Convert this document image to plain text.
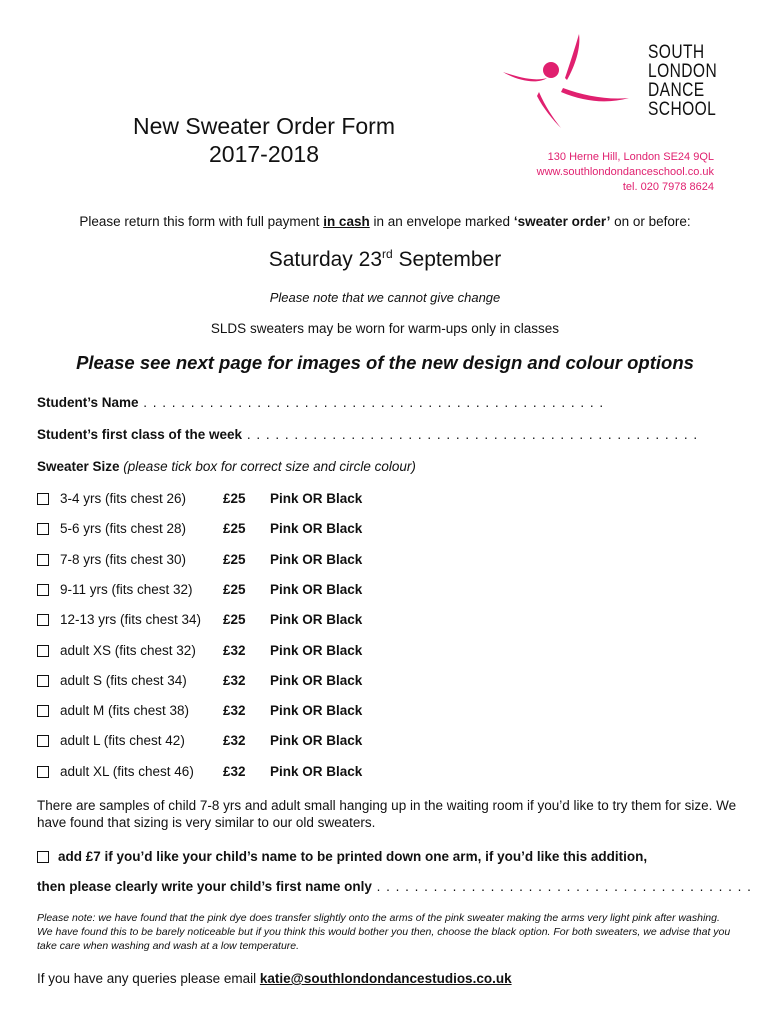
New Sweater Order Form
2017-2018
SOUTH
LONDON
DANCE
SCHOOL
130 Herne Hill, London SE24 9QL
www.southlondondanceschool.co.uk
tel. 020 7978 8624
Please return this form with full payment in cash in an envelope marked ‘sweater order’ on or before:
Saturday 23rd September
Please note that we cannot give change
SLDS sweaters may be worn for warm-ups only in classes
Please see next page for images of the new design and colour options
Student’s Name . . . . . . . . . . . . . . . . . . . . . . . . . . . . . . . . . . . . . . . . . . . . . . . . .
Student’s first class of the week . . . . . . . . . . . . . . . . . . . . . . . . . . . . . . . . . . . . . . . . . . . . . . . .
Sweater Size (please tick box for correct size and circle colour)
3-4 yrs (fits chest 26)	£25 Pink OR Black
5-6 yrs (fits chest 28)	£25 Pink OR Black
7-8 yrs (fits chest 30)	£25 Pink OR Black
9-11 yrs (fits chest 32) £25 Pink OR Black
12-13 yrs (fits chest 34) £25 Pink OR Black
adult XS (fits chest 32) £32 Pink OR Black
adult S (fits chest 34)	£32 Pink OR Black
adult M (fits chest 38)	£32 Pink OR Black
adult L (fits chest 42)	£32 Pink OR Black
adult XL (fits chest 46) £32 Pink OR Black
There are samples of child 7-8 yrs and adult small hanging up in the waiting room if you’d like to try them for size. We have found that sizing is very similar to our old sweaters.
add £7 if you’d like your child’s name to be printed down one arm, if you’d like this addition,
then please clearly write your child’s first name only . . . . . . . . . . . . . . . . . . . . . . . . . . . . . . . . . . . . . . . .
Please note: we have found that the pink dye does transfer slightly onto the arms of the pink sweater making the arms very light pink after washing. We have found this to be barely noticeable but if you think this would bother you then, choose the black option. For both sweaters, we advise that you take care when washing and wash at a low temperature.
If you have any queries please email katie@southlondondancestudios.co.uk
